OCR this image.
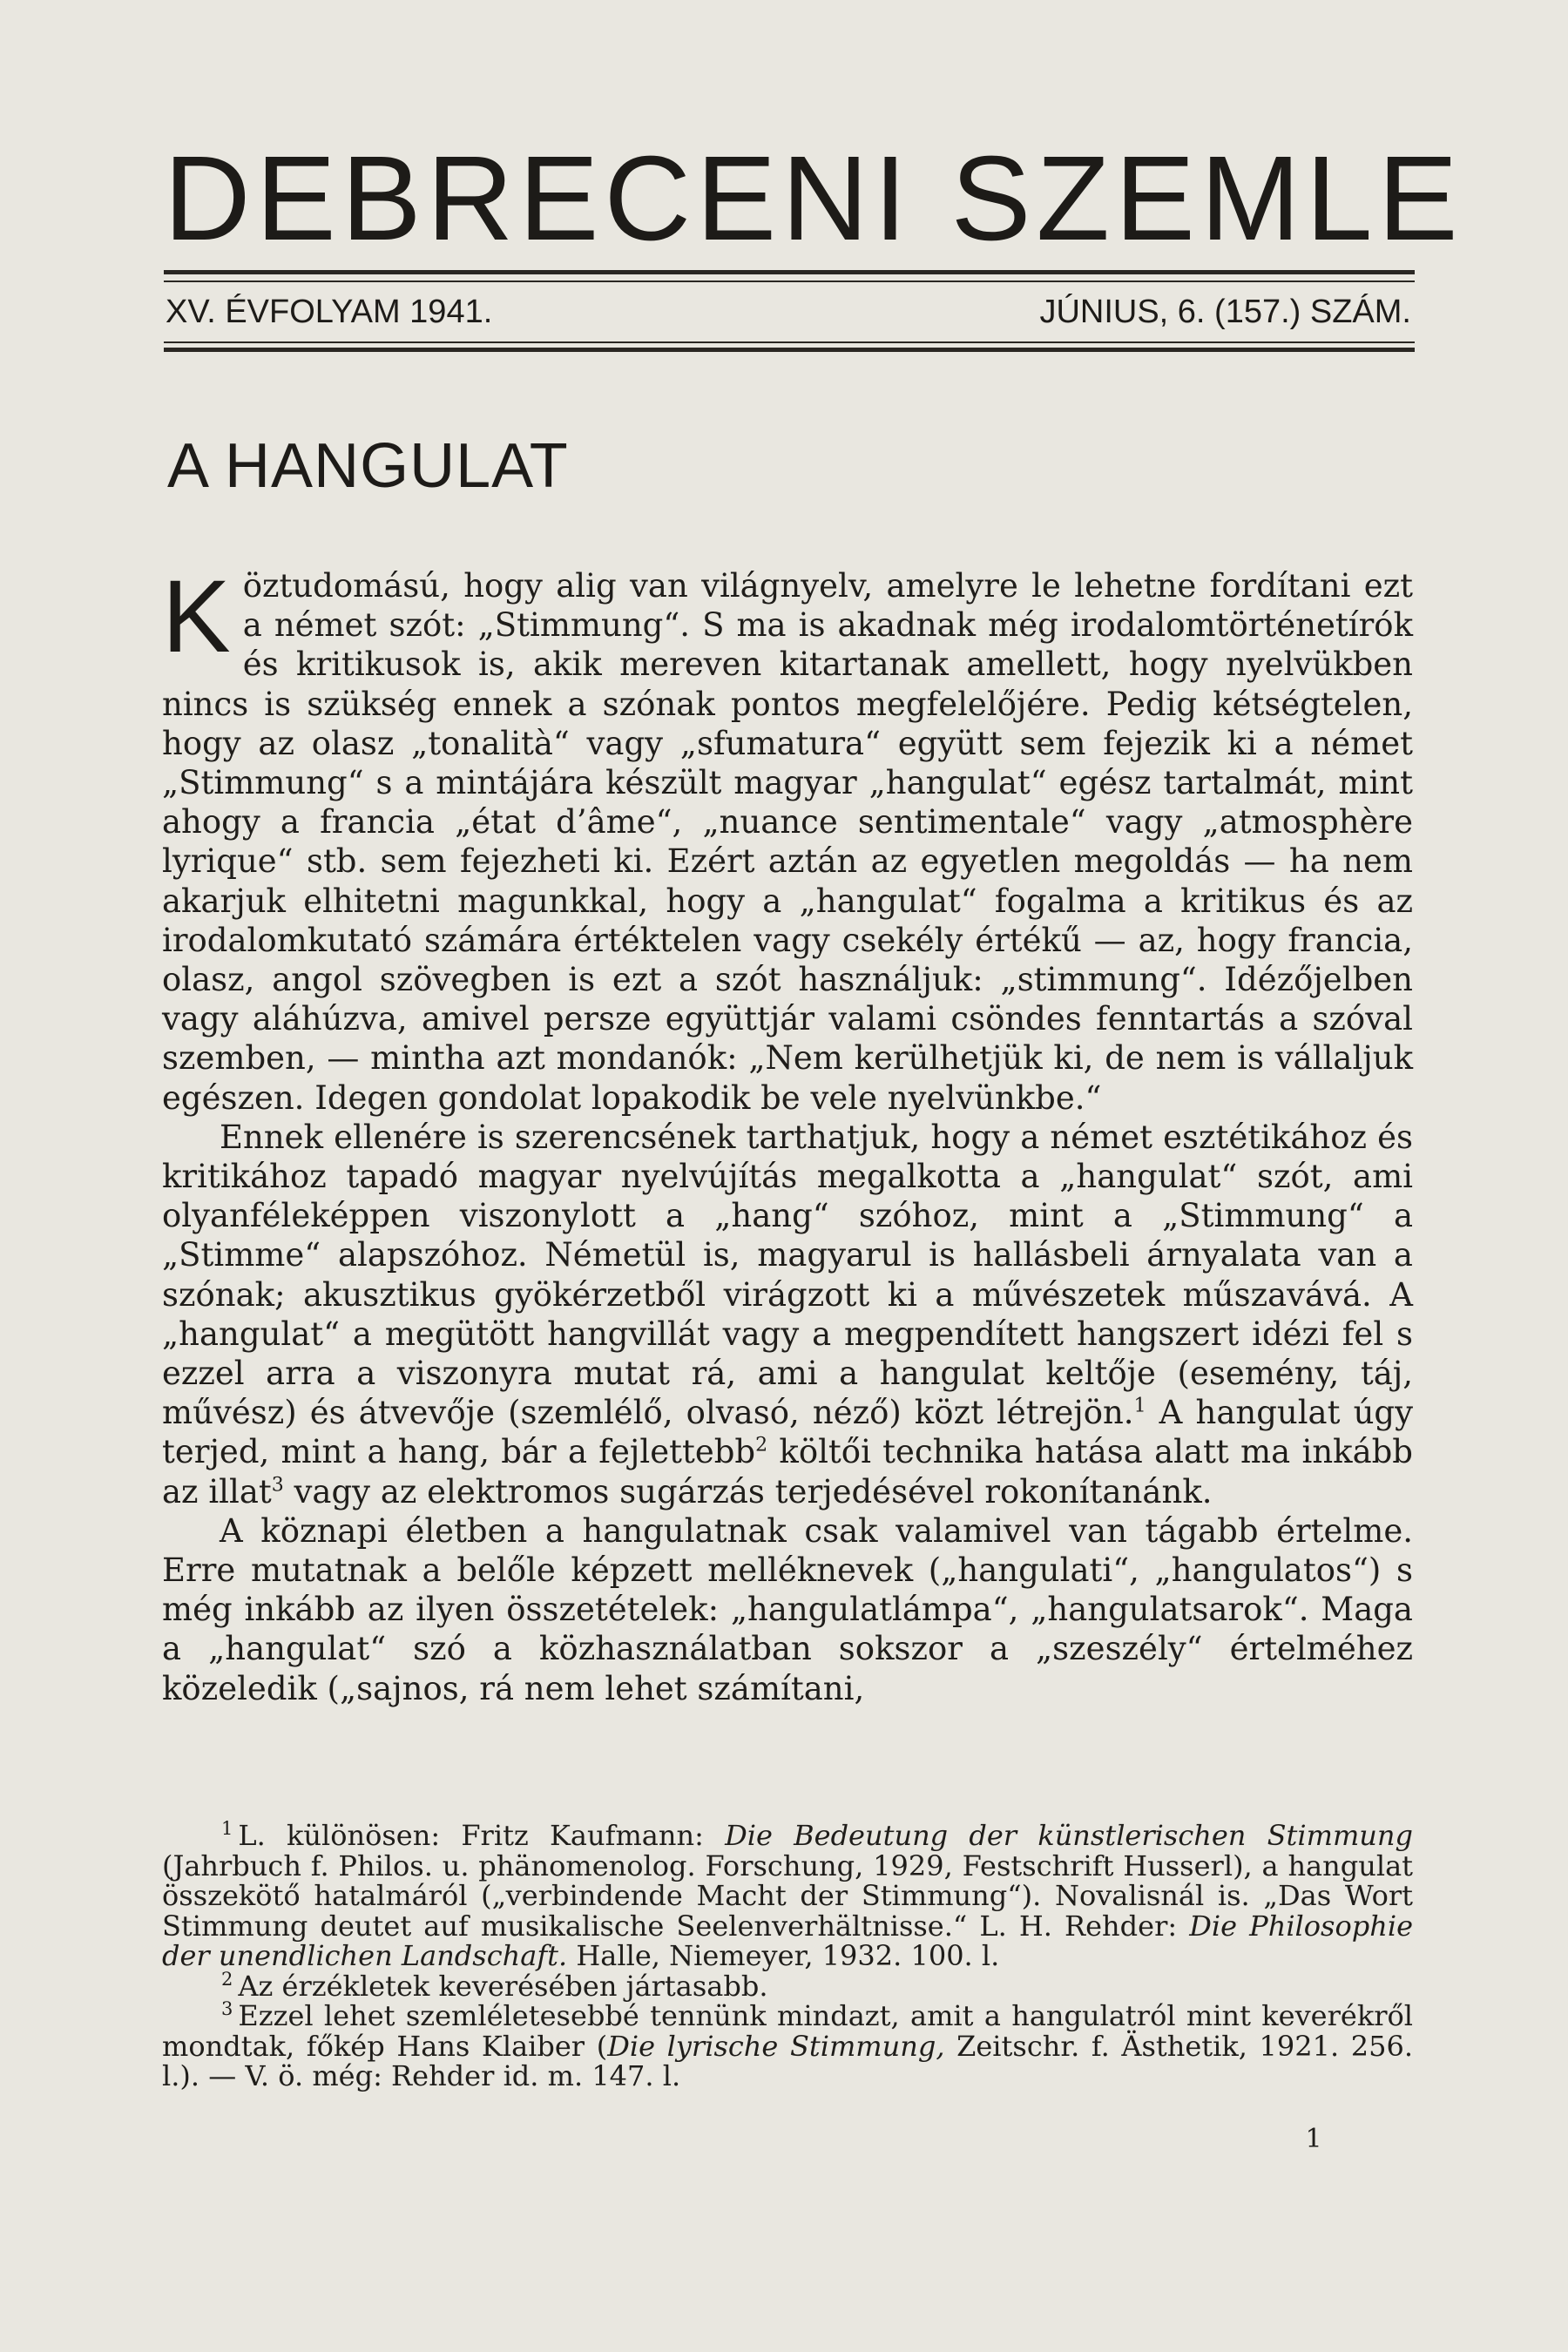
DEBRECENI SZEMLE
XV. ÉVFOLYAM 1941.	JÚNIUS, 6. (157.) SZÁM.
A HANGULAT

Köztudomású, hogy alig van világnyelv, amelyre le lehetne fordítani ezt a német szót: „Stimmung“. S ma is akadnak még irodalomtörténetírók és kritikusok is, akik mereven kitartanak amellett, hogy nyelvükben nincs is szükség ennek a szónak pontos megfelelőjére. Pedig kétségtelen, hogy az olasz „tonalità“ vagy „sfumatura“ együtt sem fejezik ki a német „Stimmung“ s a mintájára készült magyar „hangulat“ egész tartalmát, mint ahogy a francia „état d’âme“, „nuance sentimentale“ vagy „atmosphère lyrique“ stb. sem fejezheti ki. Ezért aztán az egyetlen megoldás — ha nem akarjuk elhitetni magunkkal, hogy a „hangulat“ fogalma a kritikus és az irodalomkutató számára értéktelen vagy csekély értékű — az, hogy francia, olasz, angol szövegben is ezt a szót használjuk: „stimmung“. Idézőjelben vagy aláhúzva, amivel persze együttjár valami csöndes fenntartás a szóval szemben, — mintha azt mondanók: „Nem kerülhetjük ki, de nem is vállaljuk egészen. Idegen gondolat lopakodik be vele nyelvünkbe.“

Ennek ellenére is szerencsének tarthatjuk, hogy a német esztétikához és kritikához tapadó magyar nyelvújítás megalkotta a „hangulat“ szót, ami olyanféleképpen viszonylott a „hang“ szóhoz, mint a „Stimmung“ a „Stimme“ alapszóhoz. Németül is, magyarul is hallásbeli árnyalata van a szónak; akusztikus gyökérzetből virágzott ki a művészetek műszavává. A „hangulat“ a megütött hangvillát vagy a megpendített hangszert idézi fel s ezzel arra a viszonyra mutat rá, ami a hangulat keltője (esemény, táj, művész) és átvevője (szemlélő, olvasó, néző) közt létrejön.$^1$ A hangulat úgy terjed, mint a hang, bár a fejlettebb$^2$ költői technika hatása alatt ma inkább az illat$^3$ vagy az elektromos sugárzás terjedésével rokonítanánk.

A köznapi életben a hangulatnak csak valamivel van tágabb értelme. Erre mutatnak a belőle képzett melléknevek („hangulati“, „hangulatos“) s még inkább az ilyen összetételek: „hangulatlámpa“, „hangulatsarok“. Maga a „hangulat“ szó a közhasználatban sokszor a „szeszély“ értelméhez közeledik („sajnos, rá nem lehet számítani,

$^1$ L. különösen: Fritz Kaufmann: Die Bedeutung der künstlerischen Stimmung (Jahrbuch f. Philos. u. phänomenolog. Forschung, 1929, Festschrift Husserl), a hangulat összekötő hatalmáról („verbindende Macht der Stimmung“). Novalisnál is. „Das Wort Stimmung deutet auf musikalische Seelenverhältnisse.“ L. H. Rehder: Die Philosophie der unendlichen Landschaft. Halle, Niemeyer, 1932. 100. l.

$^2$ Az érzékletek keverésében jártasabb.

$^3$ Ezzel lehet szemléletesebbé tennünk mindazt, amit a hangulatról mint keverékről mondtak, főkép Hans Klaiber (Die lyrische Stimmung, Zeitschr. f. Ästhetik, 1921. 256. l.). — V. ö. még: Rehder id. m. 147. l.

1
